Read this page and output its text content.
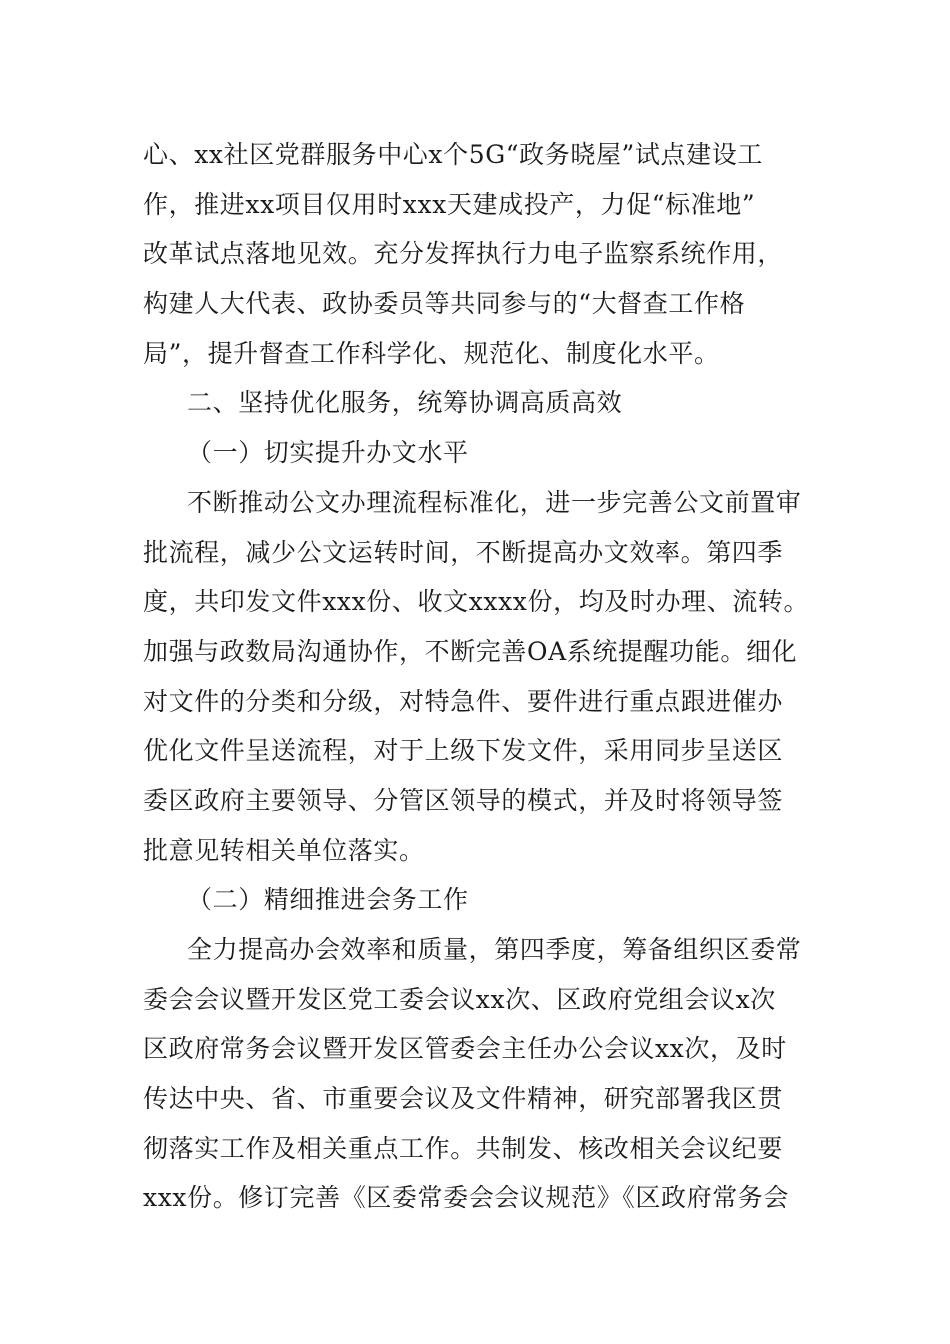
心、xx社区党群服务中心x个5G“政务晓屋”试点建设工
作，推进xx项目仅用时xxx天建成投产，力促“标准地”
改革试点落地见效。充分发挥执行力电子监察系统作用，
构建人大代表、政协委员等共同参与的“大督查工作格
局”，提升督查工作科学化、规范化、制度化水平。
二、坚持优化服务，统筹协调高质高效
（一）切实提升办文水平
不断推动公文办理流程标准化，进一步完善公文前置审
批流程，减少公文运转时间，不断提高办文效率。第四季
度，共印发文件xxx份、收文xxxx份，均及时办理、流转。
加强与政数局沟通协作，不断完善OA系统提醒功能。细化
对文件的分类和分级，对特急件、要件进行重点跟进催办
优化文件呈送流程，对于上级下发文件，采用同步呈送区
委区政府主要领导、分管区领导的模式，并及时将领导签
批意见转相关单位落实。
（二）精细推进会务工作
全力提高办会效率和质量，第四季度，筹备组织区委常
委会会议暨开发区党工委会议xx次、区政府党组会议x次
区政府常务会议暨开发区管委会主任办公会议xx次，及时
传达中央、省、市重要会议及文件精神，研究部署我区贯
彻落实工作及相关重点工作。共制发、核改相关会议纪要
xxx份。修订完善《区委常委会会议规范》《区政府常务会
